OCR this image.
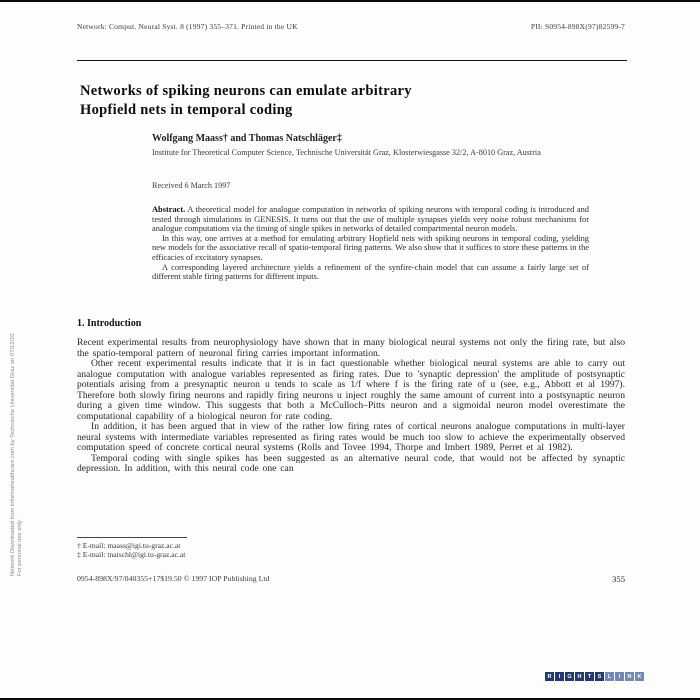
Network: Comput. Neural Syst. 8 (1997) 355–371. Printed in the UK	PII: S0954-898X(97)82599-7
Networks of spiking neurons can emulate arbitrary
Hopfield nets in temporal coding
Wolfgang Maass† and Thomas Natschläger‡
Institute for Theoretical Computer Science, Technische Universität Graz, Klosterwiesgasse 32/2, A-8010 Graz, Austria
Received 6 March 1997

Abstract. A theoretical model for analogue computation in networks of spiking neurons with temporal coding is introduced and tested through simulations in GENESIS. It turns out that the use of multiple synapses yields very noise robust mechanisms for analogue computations via the timing of single spikes in networks of detailed compartmental neuron models.

In this way, one arrives at a method for emulating arbitrary Hopfield nets with spiking neurons in temporal coding, yielding new models for the associative recall of spatio-temporal firing patterns. We also show that it suffices to store these patterns in the efficacies of excitatory synapses.

A corresponding layered architecture yields a refinement of the synfire-chain model that can assume a fairly large set of different stable firing patterns for different inputs.

1. Introduction

Recent experimental results from neurophysiology have shown that in many biological neural systems not only the firing rate, but also the spatio-temporal pattern of neuronal firing carries important information.

Other recent experimental results indicate that it is in fact questionable whether biological neural systems are able to carry out analogue computation with analogue variables represented as firing rates. Due to 'synaptic depression' the amplitude of postsynaptic potentials arising from a presynaptic neuron u tends to scale as 1/f where f is the firing rate of u (see, e.g., Abbott et al 1997). Therefore both slowly firing neurons and rapidly firing neurons u inject roughly the same amount of current into a postsynaptic neuron during a given time window. This suggests that both a McCulloch–Pitts neuron and a sigmoidal neuron model overestimate the computational capability of a biological neuron for rate coding.

In addition, it has been argued that in view of the rather low firing rates of cortical neurons analogue computations in multi-layer neural systems with intermediate variables represented as firing rates would be much too slow to achieve the experimentally observed computation speed of concrete cortical neural systems (Rolls and Tovee 1994, Thorpe and Imbert 1989, Perret et al 1982).

Temporal coding with single spikes has been suggested as an alternative neural code, that would not be affected by synaptic depression. In addition, with this neural code one can

† E-mail: maass@igi.tu-graz.ac.at
‡ E-mail: tnatschl@igi.tu-graz.ac.at
0954-898X/97/040355+17$19.50 © 1997 IOP Publishing Ltd	355
Network Downloaded from informahealthcare.com by Technische Universitat Graz on 07/12/10 For personal use only.
R	I	G	H	T	S	L	I	N	K
